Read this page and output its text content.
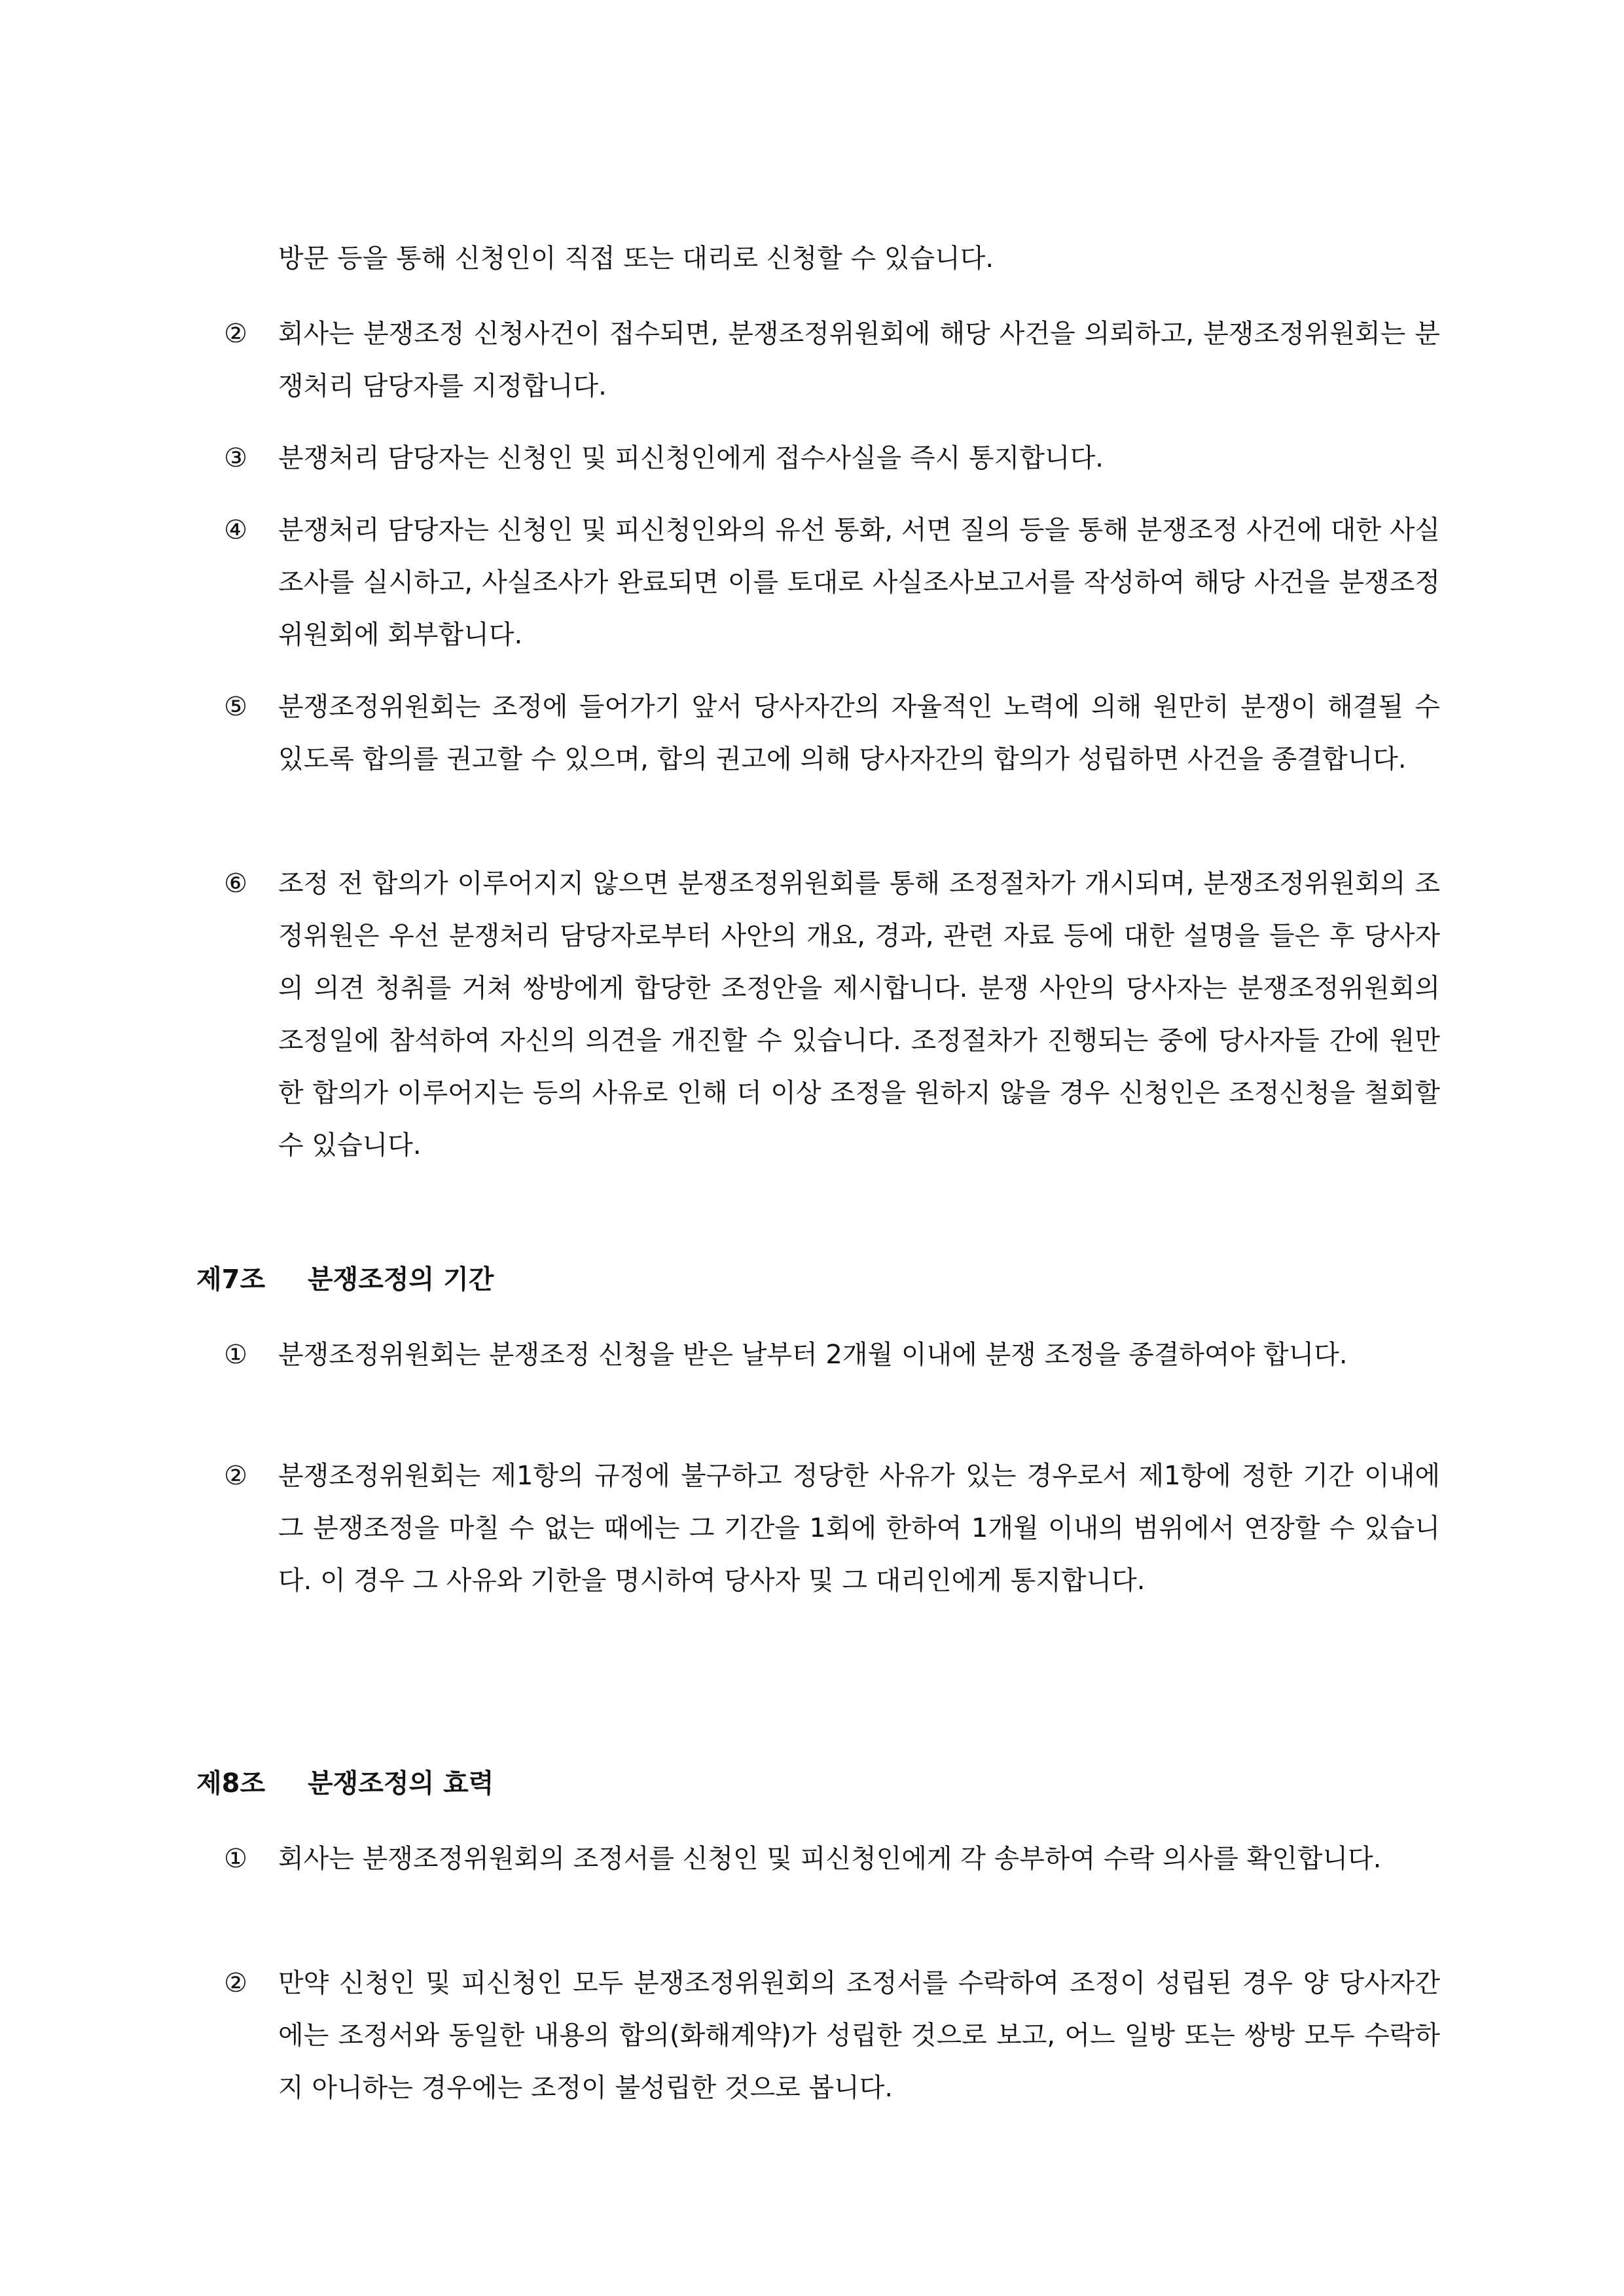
방문 등을 통해 신청인이 직접 또는 대리로 신청할 수 있습니다.
②	회사는 분쟁조정 신청사건이 접수되면, 분쟁조정위원회에 해당 사건을 의뢰하고, 분쟁조정위원회는 분쟁처리 담당자를 지정합니다.
③	분쟁처리 담당자는 신청인 및 피신청인에게 접수사실을 즉시 통지합니다.
④	분쟁처리 담당자는 신청인 및 피신청인와의 유선 통화, 서면 질의 등을 통해 분쟁조정 사건에 대한 사실조사를 실시하고, 사실조사가 완료되면 이를 토대로 사실조사보고서를 작성하여 해당 사건을 분쟁조정위원회에 회부합니다.
⑤	분쟁조정위원회는 조정에 들어가기 앞서 당사자간의 자율적인 노력에 의해 원만히 분쟁이 해결될 수 있도록 합의를 권고할 수 있으며, 합의 권고에 의해 당사자간의 합의가 성립하면 사건을 종결합니다.
⑥	조정 전 합의가 이루어지지 않으면 분쟁조정위원회를 통해 조정절차가 개시되며, 분쟁조정위원회의 조정위원은 우선 분쟁처리 담당자로부터 사안의 개요, 경과, 관련 자료 등에 대한 설명을 들은 후 당사자의 의견 청취를 거쳐 쌍방에게 합당한 조정안을 제시합니다. 분쟁 사안의 당사자는 분쟁조정위원회의 조정일에 참석하여 자신의 의견을 개진할 수 있습니다. 조정절차가 진행되는 중에 당사자들 간에 원만한 합의가 이루어지는 등의 사유로 인해 더 이상 조정을 원하지 않을 경우 신청인은 조정신청을 철회할 수 있습니다.
제7조 분쟁조정의 기간
①	분쟁조정위원회는 분쟁조정 신청을 받은 날부터 2개월 이내에 분쟁 조정을 종결하여야 합니다.
②	분쟁조정위원회는 제1항의 규정에 불구하고 정당한 사유가 있는 경우로서 제1항에 정한 기간 이내에 그 분쟁조정을 마칠 수 없는 때에는 그 기간을 1회에 한하여 1개월 이내의 범위에서 연장할 수 있습니다. 이 경우 그 사유와 기한을 명시하여 당사자 및 그 대리인에게 통지합니다.
제8조 분쟁조정의 효력
①	회사는 분쟁조정위원회의 조정서를 신청인 및 피신청인에게 각 송부하여 수락 의사를 확인합니다.
②	만약 신청인 및 피신청인 모두 분쟁조정위원회의 조정서를 수락하여 조정이 성립된 경우 양 당사자간에는 조정서와 동일한 내용의 합의(화해계약)가 성립한 것으로 보고, 어느 일방 또는 쌍방 모두 수락하지 아니하는 경우에는 조정이 불성립한 것으로 봅니다.
